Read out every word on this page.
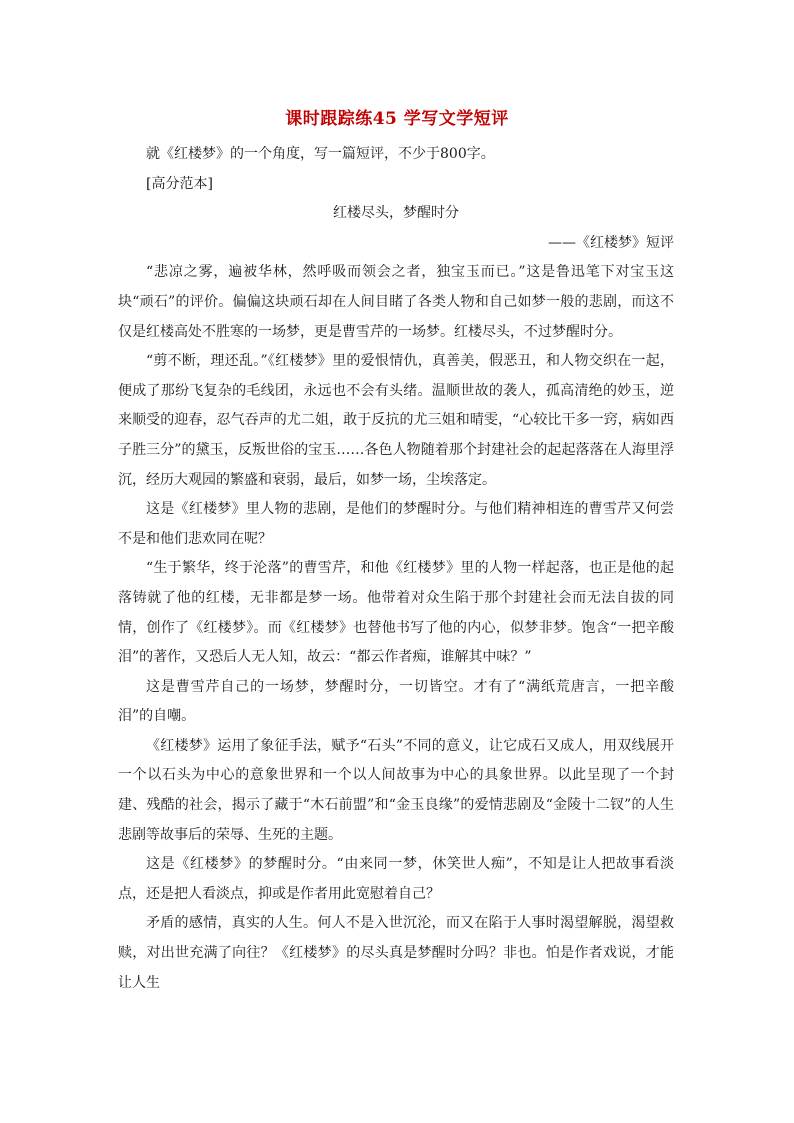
课时跟踪练45 学写文学短评

就《红楼梦》的一个角度，写一篇短评，不少于800字。

[高分范本]

红楼尽头，梦醒时分

——《红楼梦》短评

“悲凉之雾，遍被华林，然呼吸而领会之者，独宝玉而已。”这是鲁迅笔下对宝玉这块“顽石”的评价。偏偏这块顽石却在人间目睹了各类人物和自己如梦一般的悲剧，而这不仅是红楼高处不胜寒的一场梦，更是曹雪芹的一场梦。红楼尽头，不过梦醒时分。

“剪不断，理还乱。”《红楼梦》里的爱恨情仇，真善美，假恶丑，和人物交织在一起，便成了那纷飞复杂的毛线团，永远也不会有头绪。温顺世故的袭人，孤高清绝的妙玉，逆来顺受的迎春，忍气吞声的尤二姐，敢于反抗的尤三姐和晴雯，“心较比干多一窍，病如西子胜三分”的黛玉，反叛世俗的宝玉……各色人物随着那个封建社会的起起落落在人海里浮沉，经历大观园的繁盛和衰弱，最后，如梦一场，尘埃落定。

这是《红楼梦》里人物的悲剧，是他们的梦醒时分。与他们精神相连的曹雪芹又何尝不是和他们悲欢同在呢？

“生于繁华，终于沦落”的曹雪芹，和他《红楼梦》里的人物一样起落，也正是他的起落铸就了他的红楼，无非都是梦一场。他带着对众生陷于那个封建社会而无法自拔的同情，创作了《红楼梦》。而《红楼梦》也替他书写了他的内心，似梦非梦。饱含“一把辛酸泪”的著作，又恐后人无人知，故云：“都云作者痴，谁解其中味？”

这是曹雪芹自己的一场梦，梦醒时分，一切皆空。才有了“满纸荒唐言，一把辛酸泪”的自嘲。

《红楼梦》运用了象征手法，赋予“石头”不同的意义，让它成石又成人，用双线展开一个以石头为中心的意象世界和一个以人间故事为中心的具象世界。以此呈现了一个封建、残酷的社会，揭示了藏于“木石前盟”和“金玉良缘”的爱情悲剧及“金陵十二钗”的人生悲剧等故事后的荣辱、生死的主题。

这是《红楼梦》的梦醒时分。“由来同一梦，休笑世人痴”，不知是让人把故事看淡点，还是把人看淡点，抑或是作者用此宽慰着自己？

矛盾的感情，真实的人生。何人不是入世沉沦，而又在陷于人事时渴望解脱，渴望救赎，对出世充满了向往？《红楼梦》的尽头真是梦醒时分吗？非也。怕是作者戏说，才能让人生
